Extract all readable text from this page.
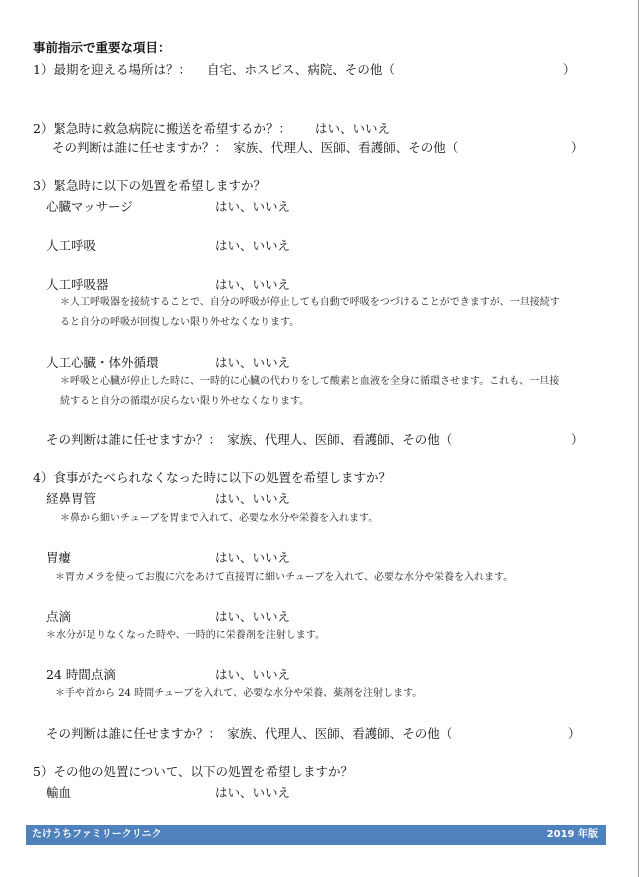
事前指示で重要な項目：
1）最期を迎える場所は？： 自宅、ホスピス、病院、その他（	）
2）緊急時に救急病院に搬送を希望するか？： はい、いいえ
その判断は誰に任せますか？：　家族、代理人、医師、看護師、その他（	）
3）緊急時に以下の処置を希望しますか？
心臓マッサージ	はい、いいえ
人工呼吸	はい、いいえ
人工呼吸器	はい、いいえ
＊人工呼吸器を接続することで、自分の呼吸が停止しても自動で呼吸をつづけることができますが、一旦接続す
ると自分の呼吸が回復しない限り外せなくなります。
人工心臓・体外循環	はい、いいえ
＊呼吸と心臓が停止した時に、一時的に心臓の代わりをして酸素と血液を全身に循環させます。これも、一旦接
続すると自分の循環が戻らない限り外せなくなります。
その判断は誰に任せますか？：　家族、代理人、医師、看護師、その他（	）
4）食事がたべられなくなった時に以下の処置を希望しますか？
経鼻胃管	はい、いいえ
＊鼻から細いチューブを胃まで入れて、必要な水分や栄養を入れます。
胃瘻	はい、いいえ
＊胃カメラを使ってお腹に穴をあけて直接胃に細いチューブを入れて、必要な水分や栄養を入れます。
点滴	はい、いいえ
＊水分が足りなくなった時や、一時的に栄養剤を注射します。
24 時間点滴	はい、いいえ
＊手や首から 24 時間チューブを入れて、必要な水分や栄養、薬剤を注射します。
その判断は誰に任せますか？：　家族、代理人、医師、看護師、その他（	）
5）その他の処置について、以下の処置を希望しますか？
輸血	はい、いいえ
たけうちファミリークリニク	2019 年版
